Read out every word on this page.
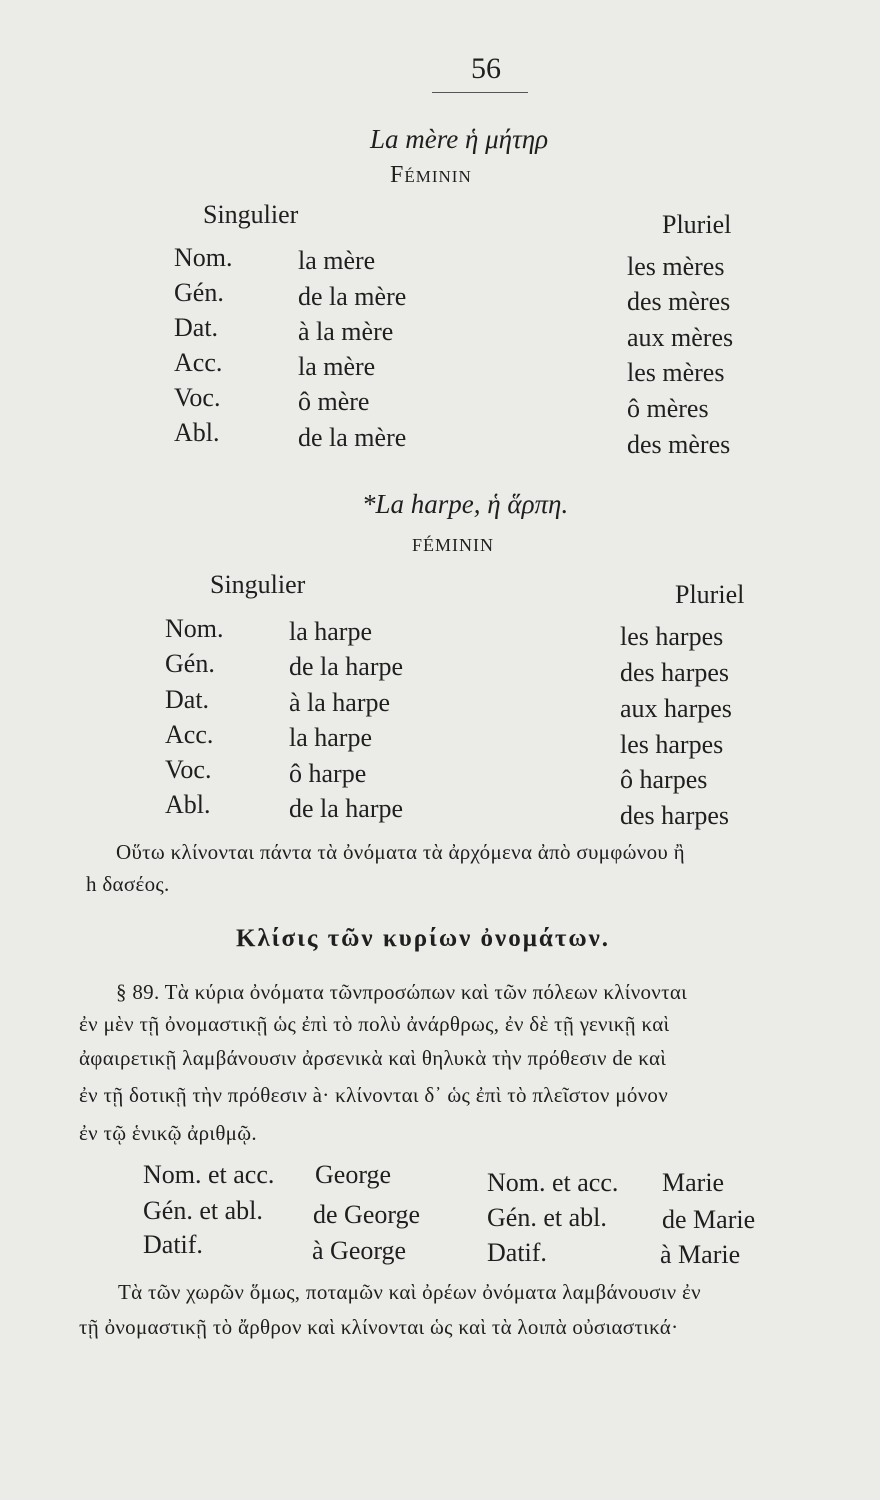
56
La mère ἡ μήτηρ
Féminin
Singulier	Pluriel
Nom.	la mère	les mères
Gén.	de la mère	des mères
Dat.	à la mère	aux mères
Acc.	la mère	les mères
Voc.	ô mère	ô mères
Abl.	de la mère	des mères
*La harpe, ἡ ἅρπη.
FÉMININ
Singulier	Pluriel
Nom.	la harpe	les harpes
Gén.	de la harpe	des harpes
Dat.	à la harpe	aux harpes
Acc.	la harpe	les harpes
Voc.	ô harpe	ô harpes
Abl.	de la harpe	des harpes
Οὕτω κλίνονται πάντα τὰ ὀνόματα τὰ ἀρχόμενα ἀπὸ συμφώνου ἢ
h δασέος.
Κλίσις τῶν κυρίων ὀνομάτων.
§ 89. Τὰ κύρια ὀνόματα τῶνπροσώπων καὶ τῶν πόλεων κλίνονται
ἐν μὲν τῇ ὀνομαστικῇ ὡς ἐπὶ τὸ πολὺ ἀνάρθρως, ἐν δὲ τῇ γενικῇ καὶ
ἀφαιρετικῇ λαμβάνουσιν ἀρσενικὰ καὶ θηλυκὰ τὴν πρόθεσιν de καὶ
ἐν τῇ δοτικῇ τὴν πρόθεσιν à· κλίνονται δ᾽ ὡς ἐπὶ τὸ πλεῖστον μόνον
ἐν τῷ ἑνικῷ ἀριθμῷ.
Nom. et acc. George	Nom. et acc. Marie
Gén. et abl. de George	Gén. et abl. de Marie
Datif.	à George	Datif.	à Marie
Τὰ τῶν χωρῶν ὅμως, ποταμῶν καὶ ὀρέων ὀνόματα λαμβάνουσιν ἐν
τῇ ὀνομαστικῇ τὸ ἄρθρον καὶ κλίνονται ὡς καὶ τὰ λοιπὰ οὐσιαστικά·
